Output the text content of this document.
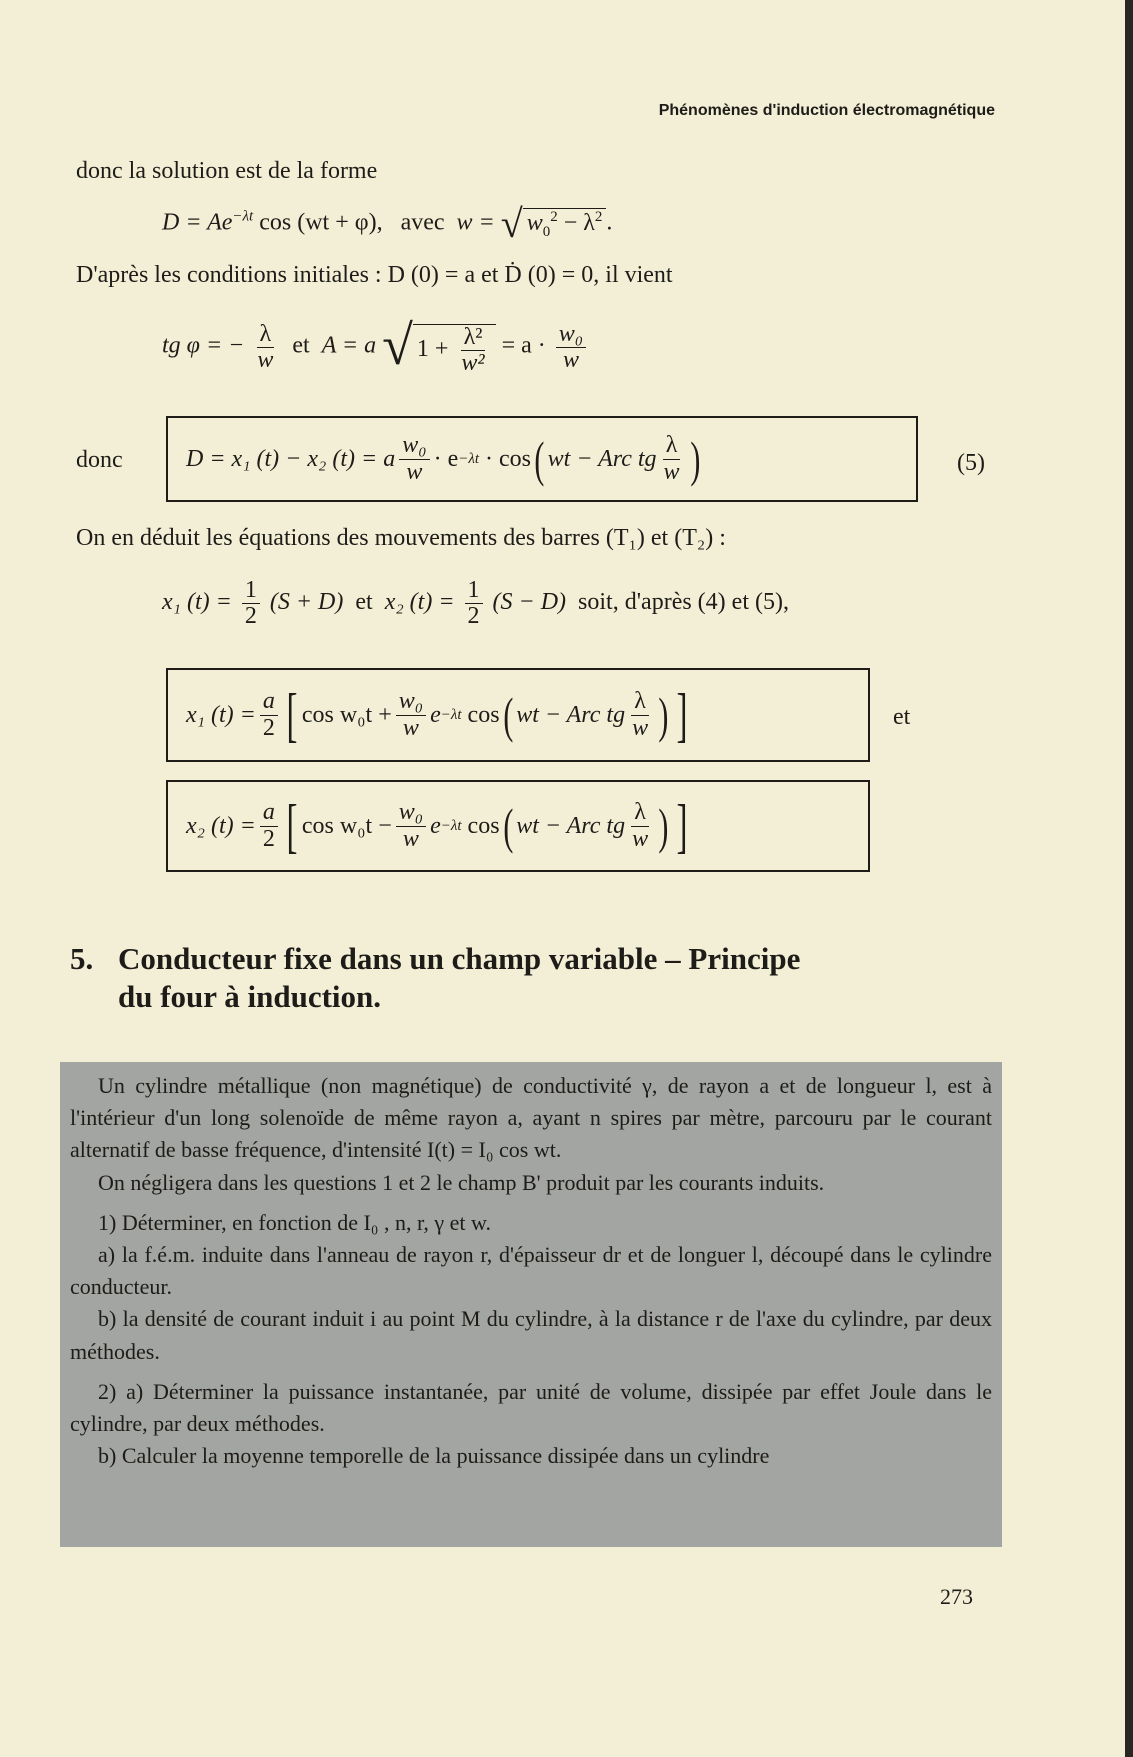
Phénomènes d'induction électromagnétique
donc la solution est de la forme
$D = Ae^{-\lambda t}$ cos (wt + φ), avec w = √ $w_0^2 - \lambda^2$ .
D'après les conditions initiales : D (0) = a et Ḋ (0) = 0, il vient
tg φ = − $\frac{\lambda}{w}$ et A = a √ $1 + \frac{\text{λ²}}{\text{w²}} = a \cdot \frac{\text{w₀}}{w}$
donc	D = x₁ (t) − x₂ (t) = a $\frac{\text{w₀}}{w} \cdot e -\lambda t$
· cos ( wt − Arc tg $\frac{\lambda}{w}$ )	(5)
On en déduit les équations des mouvements des barres (T₁) et (T₂) :
x₁ $(t) = \frac{1}{2} (S + D)$ et x₂ $(t) = \frac{1}{2} (S - D)$ soit, d'après (4) et (5),
x₁ $(t) = \frac{a}{2}$ [ $\cos w_0t + \frac{\text{w₀}}{w}$ e −λt
cos ( wt − Arc tg $\frac{\lambda}{w}$ ) ]	et
x₂ $(t) = \frac{a}{2}$ [ $\cos w_0t - \frac{\text{w₀}}{w}$ e −λt
cos ( wt − Arc tg $\frac{\lambda}{w}$ ) ]
5. Conducteur fixe dans un champ variable – Principe
du four à induction.

Un cylindre métallique (non magnétique) de conductivité γ, de rayon a et de longueur l, est à l'intérieur d'un long solenoïde de même rayon a, ayant n spires par mètre, parcouru par le courant alternatif de basse fréquence, d'intensité I(t) = I₀ cos wt.

On négligera dans les questions 1 et 2 le champ B' produit par les courants induits.

1) Déterminer, en fonction de I₀ , n, r, γ et w.

a) la f.é.m. induite dans l'anneau de rayon r, d'épaisseur dr et de longuer l, découpé dans le cylindre conducteur.

b) la densité de courant induit i au point M du cylindre, à la distance r de l'axe du cylindre, par deux méthodes.

2) a) Déterminer la puissance instantanée, par unité de volume, dissipée par effet Joule dans le cylindre, par deux méthodes.

b) Calculer la moyenne temporelle de la puissance dissipée dans un cylindre

273
